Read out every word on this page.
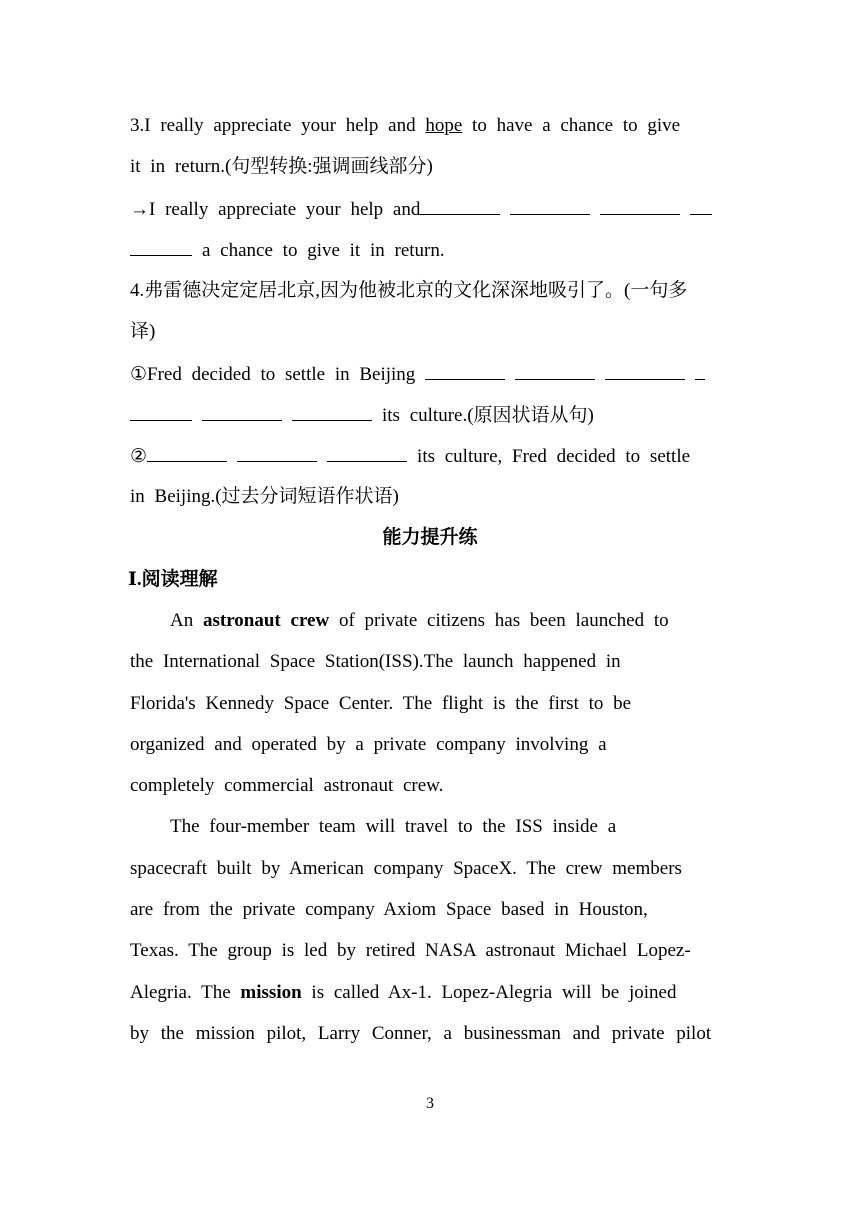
3.I really appreciate your help and hope to have a chance to give
it in return.(句型转换:强调画线部分)
→I really appreciate your help and
a chance to give it in return.
4.弗雷德决定定居北京,因为他被北京的文化深深地吸引了。(一句多
译)
①Fred decided to settle in Beijing
its culture.(原因状语从句)
②	its culture, Fred decided to settle
in Beijing.(过去分词短语作状语)
能力提升练
Ⅰ.阅读理解
An astronaut crew of private citizens has been launched to
the International Space Station(ISS).The launch happened in
Florida's Kennedy Space Center. The flight is the first to be
organized and operated by a private company involving a
completely commercial astronaut crew.
The four-member team will travel to the ISS inside a
spacecraft built by American company SpaceX. The crew members
are from the private company Axiom Space based in Houston,
Texas. The group is led by retired NASA astronaut Michael Lopez-
Alegria. The mission is called Ax-1. Lopez-Alegria will be joined
by the mission pilot, Larry Conner, a businessman and private pilot
3
